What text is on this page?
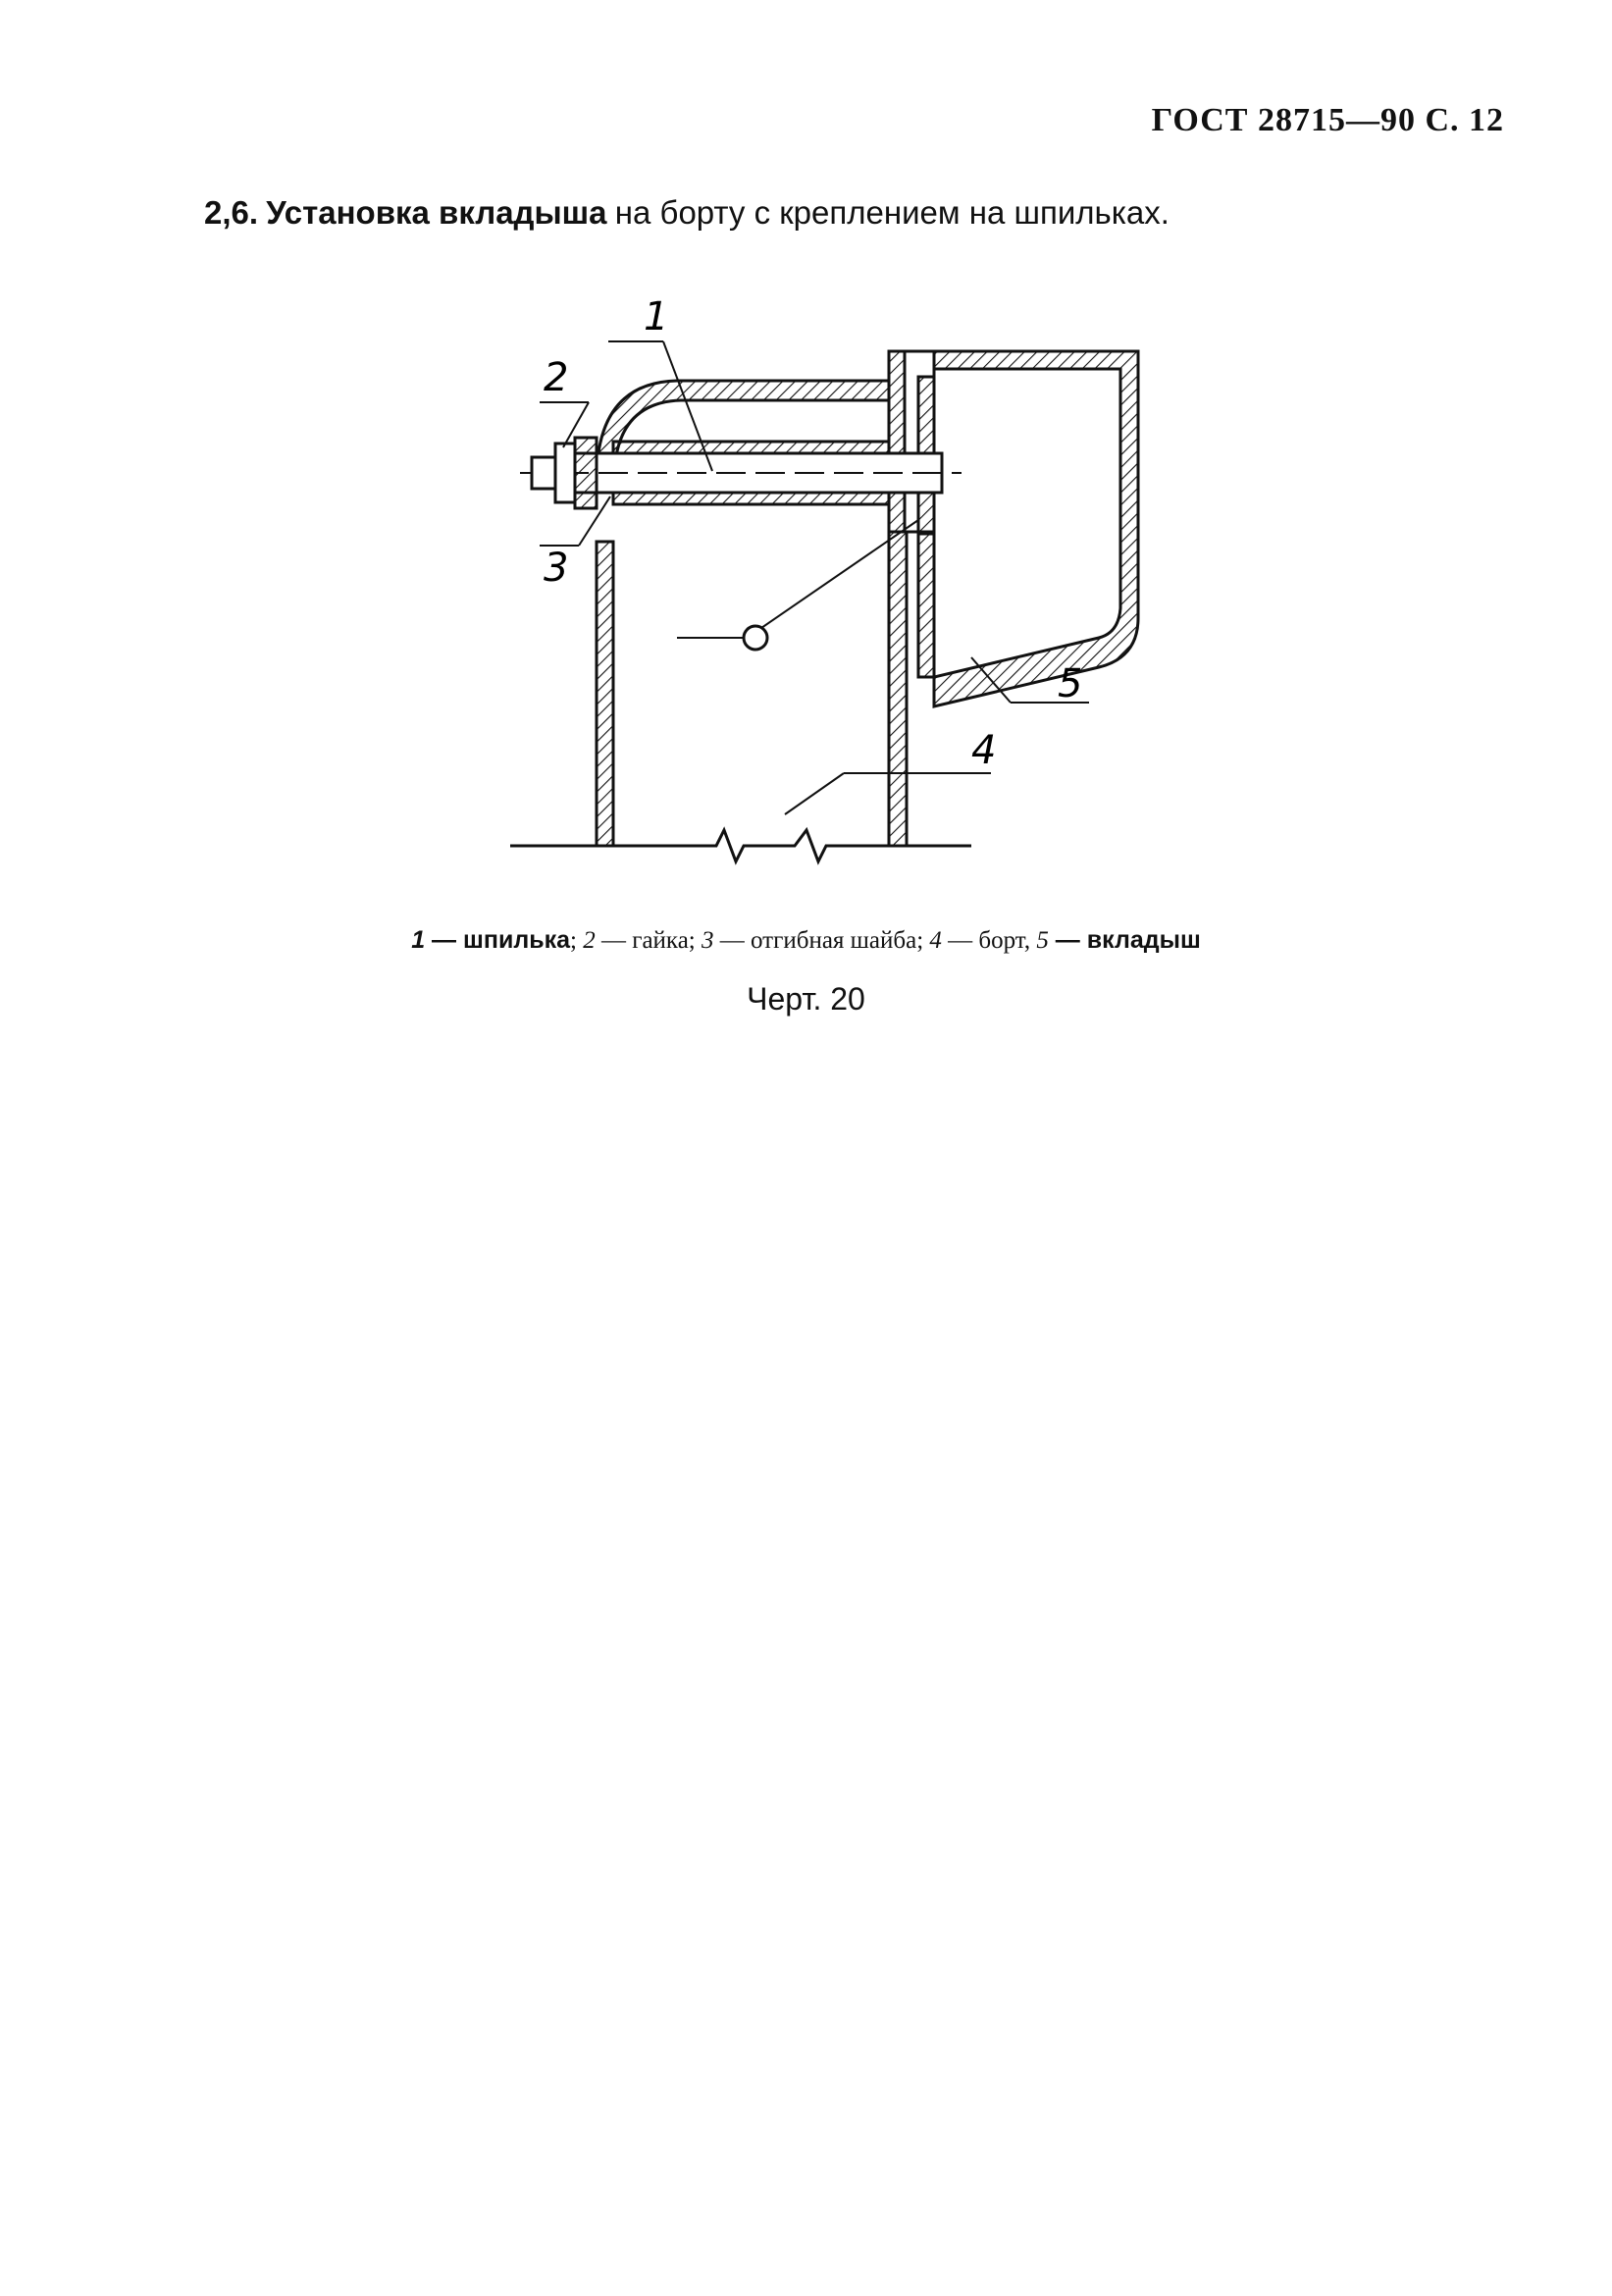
ГОСТ 28715—90 С. 12
2,6. Установка вкладыша на борту с креплением на шпильках.
1
2
3
4
5
1 — шпилька; 2 — гайка; 3 — отгибная шайба; 4 — борт, 5 — вкладыш
Черт. 20
